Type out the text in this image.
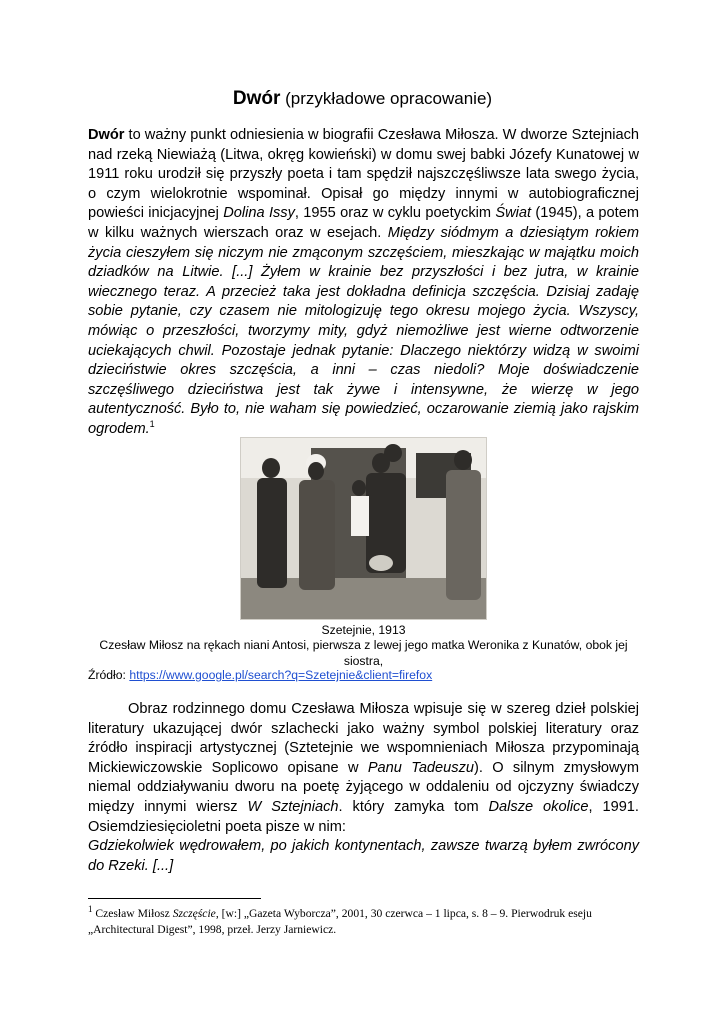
Dwór (przykładowe opracowanie)
Dwór to ważny punkt odniesienia w biografii Czesława Miłosza. W dworze Sztejniach nad rzeką Niewiażą (Litwa, okręg kowieński) w domu swej babki Józefy Kunatowej w 1911 roku urodził się przyszły poeta i tam spędził najszczęśliwsze lata swego życia, o czym wielokrotnie wspominał. Opisał go między innymi w autobiograficznej powieści inicjacyjnej Dolina Issy, 1955 oraz w cyklu poetyckim Świat (1945), a potem w kilku ważnych wierszach oraz w esejach. Między siódmym a dziesiątym rokiem życia cieszyłem się niczym nie zmąconym szczęściem, mieszkając w majątku moich dziadków na Litwie. [...] Żyłem w krainie bez przyszłości i bez jutra, w krainie wiecznego teraz. A przecież taka jest dokładna definicja szczęścia. Dzisiaj zadaję sobie pytanie, czy czasem nie mitologizuję tego okresu mojego życia. Wszyscy, mówiąc o przeszłości, tworzymy mity, gdyż niemożliwe jest wierne odtworzenie uciekających chwil. Pozostaje jednak pytanie: Dlaczego niektórzy widzą w swoimi dzieciństwie okres szczęścia, a inni – czas niedoli? Moje doświadczenie szczęśliwego dzieciństwa jest tak żywe i intensywne, że wierzę w jego autentyczność. Było to, nie waham się powiedzieć, oczarowanie ziemią jako rajskim ogrodem.$^1$
Szetejnie, 1913
Czesław Miłosz na rękach niani Antosi, pierwsza z lewej jego matka Weronika z Kunatów, obok jej siostra,
Źródło: https://www.google.pl/search?q=Szetejnie&client=firefox
Obraz rodzinnego domu Czesława Miłosza wpisuje się w szereg dzieł polskiej literatury ukazującej dwór szlachecki jako ważny symbol polskiej literatury oraz źródło inspiracji artystycznej (Sztetejnie we wspomnieniach Miłosza przypominają Mickiewiczowskie Soplicowo opisane w Panu Tadeuszu). O silnym zmysłowym niemal oddziaływaniu dworu na poetę żyjącego w oddaleniu od ojczyzny świadczy między innymi wiersz W Sztejniach. który zamyka tom Dalsze okolice, 1991. Osiemdziesięcioletni poeta pisze w nim:
Gdziekolwiek wędrowałem, po jakich kontynentach, zawsze twarzą byłem zwrócony do Rzeki. [...]
$^1$ Czesław Miłosz Szczęście, [w:] „Gazeta Wyborcza”, 2001, 30 czerwca – 1 lipca, s. 8 – 9. Pierwodruk eseju „Architectural Digest”, 1998, przeł. Jerzy Jarniewicz.
